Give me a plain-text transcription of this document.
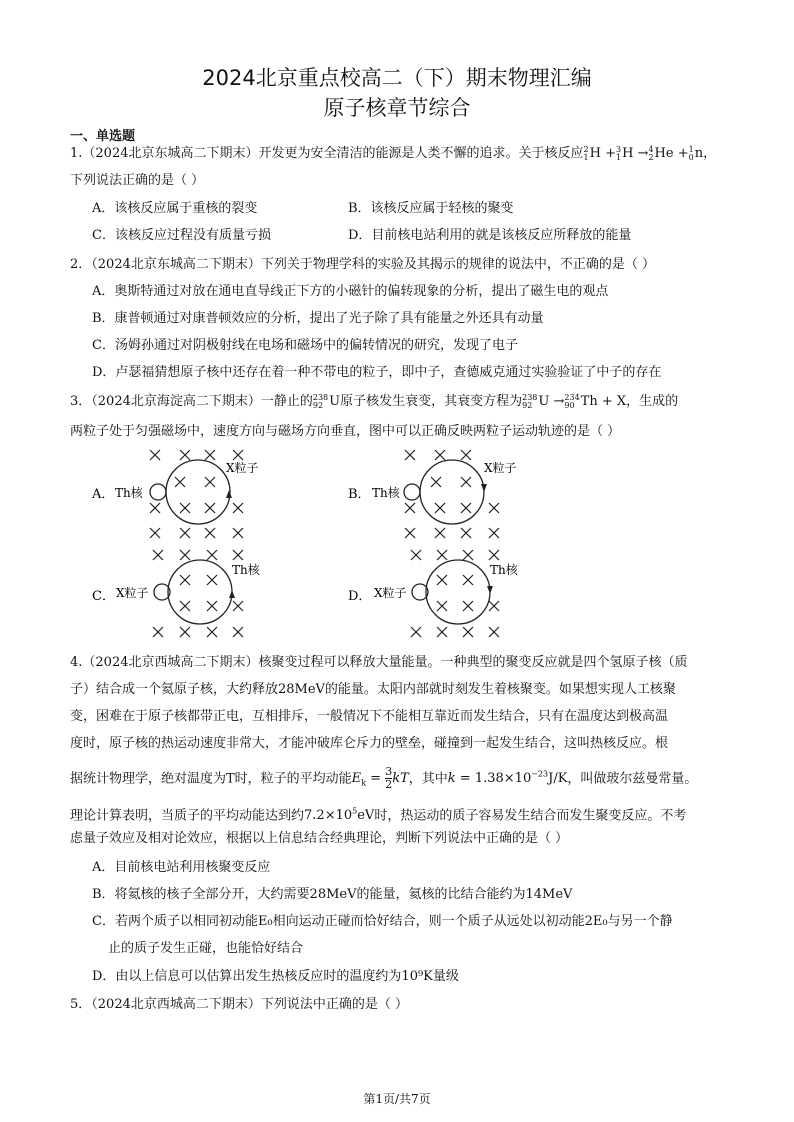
2024北京重点校高二（下）期末物理汇编
原子核章节综合
一、单选题
1.（2024北京东城高二下期末）开发更为安全清洁的能源是人类不懈的追求。关于核反应 2
1 H + 3
1 H → 4
2 He + 1
0 n，
下列说法正确的是（ ）
A．该核反应属于重核的裂变	B．该核反应属于轻核的聚变
C．该核反应过程没有质量亏损	D．目前核电站利用的就是该核反应所释放的能量
2．（2024北京东城高二下期末）下列关于物理学科的实验及其揭示的规律的说法中，不正确的是（ ）
A．奥斯特通过对放在通电直导线正下方的小磁针的偏转现象的分析，提出了磁生电的观点
B．康普顿通过对康普顿效应的分析，提出了光子除了具有能量之外还具有动量
C．汤姆孙通过对阴极射线在电场和磁场中的偏转情况的研究，发现了电子
D．卢瑟福猜想原子核中还存在着一种不带电的粒子，即中子，查德威克通过实验验证了中子的存在
3．（2024北京海淀高二下期末）一静止的 238
92 U原子核发生衰变，其衰变方程为 238
92 U → 234
90 Th + X，生成的
两粒子处于匀强磁场中，速度方向与磁场方向垂直，图中可以正确反映两粒子运动轨迹的是（ ）
A． Th核
X粒子
B． Th核
X粒子
C． X粒子
Th核
D． X粒子
Th核
4.（2024北京西城高二下期末）核聚变过程可以释放大量能量。一种典型的聚变反应就是四个氢原子核（质
子）结合成一个氦原子核，大约释放28MeV的能量。太阳内部就时刻发生着核聚变。如果想实现人工核聚
变，困难在于原子核都带正电，互相排斥，一般情况下不能相互靠近而发生结合，只有在温度达到极高温
度时，原子核的热运动速度非常大，才能冲破库仑斥力的壁垒，碰撞到一起发生结合，这叫热核反应。根
据统计物理学，绝对温度为T时，粒子的平均动能$E_k = \frac{3}{2}$ kT，其中$k = 1.38\times 10^{-23}J/K$，叫做玻尔兹曼常量。
理论计算表明，当质子的平均动能达到约$7.2\times 10^5eV$时，热运动的质子容易发生结合而发生聚变反应。不考
虑量子效应及相对论效应，根据以上信息结合经典理论，判断下列说法中正确的是（ ）
A．目前核电站利用核聚变反应
B．将氦核的核子全部分开，大约需要28MeV的能量，氦核的比结合能约为14MeV
C．若两个质子以相同初动能E₀相向运动正碰而恰好结合，则一个质子从远处以初动能2E₀与另一个静
止的质子发生正碰，也能恰好结合
D．由以上信息可以估算出发生热核反应时的温度约为10⁹K量级
5．（2024北京西城高二下期末）下列说法中正确的是（ ）
第1页/共7页
